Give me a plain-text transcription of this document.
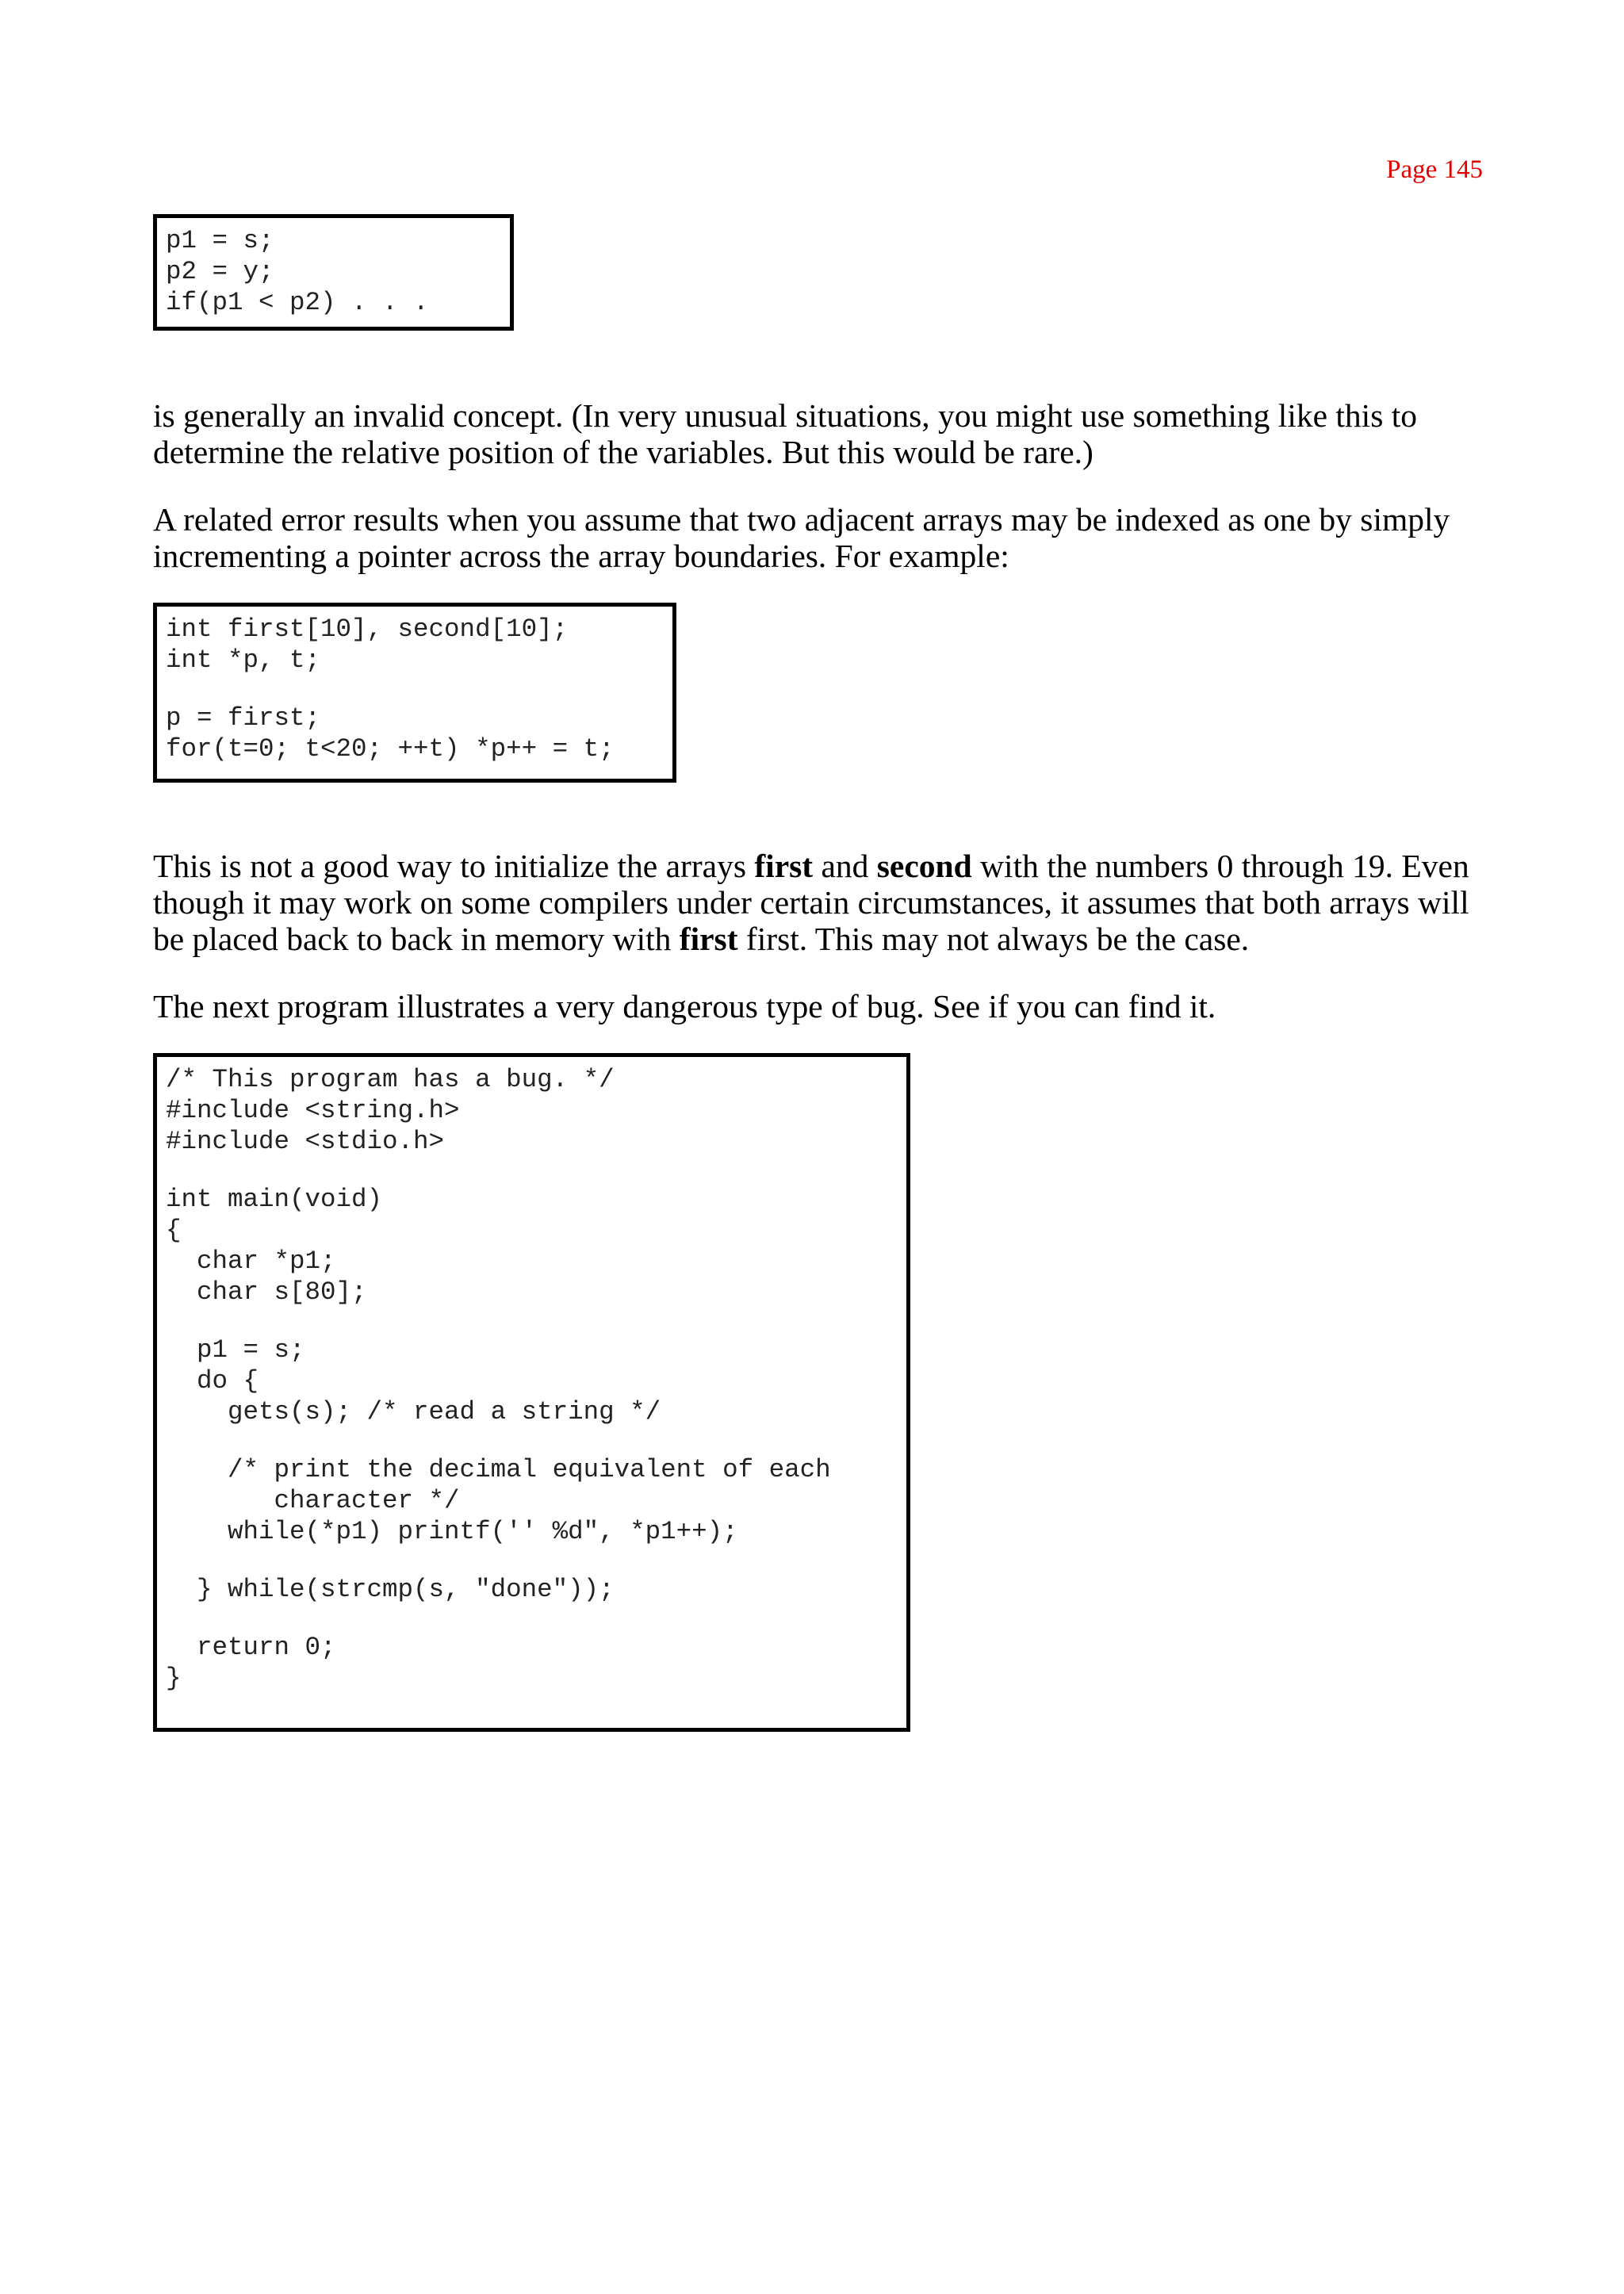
Page 145
p1 = s;
p2 = y;
if(p1 < p2) . . .
is generally an invalid concept. (In very unusual situations, you might use something like this to determine the relative position of the variables. But this would be rare.)
A related error results when you assume that two adjacent arrays may be indexed as one by simply incrementing a pointer across the array boundaries. For example:
int first[10], second[10];
int *p, t;
p = first;
for(t=0; t<20; ++t) *p++ = t;
This is not a good way to initialize the arrays first and second with the numbers 0 through 19. Even though it may work on some compilers under certain circumstances, it assumes that both arrays will be placed back to back in memory with first first. This may not always be the case.
The next program illustrates a very dangerous type of bug. See if you can find it.
/* This program has a bug. */
#include <string.h>
#include <stdio.h>
int main(void)
{
char *p1;
char s[80];
p1 = s;
do {
gets(s); /* read a string */
/* print the decimal equivalent of each
character */
while(*p1) printf('' %d", *p1++);
} while(strcmp(s, "done"));
return 0;
}
